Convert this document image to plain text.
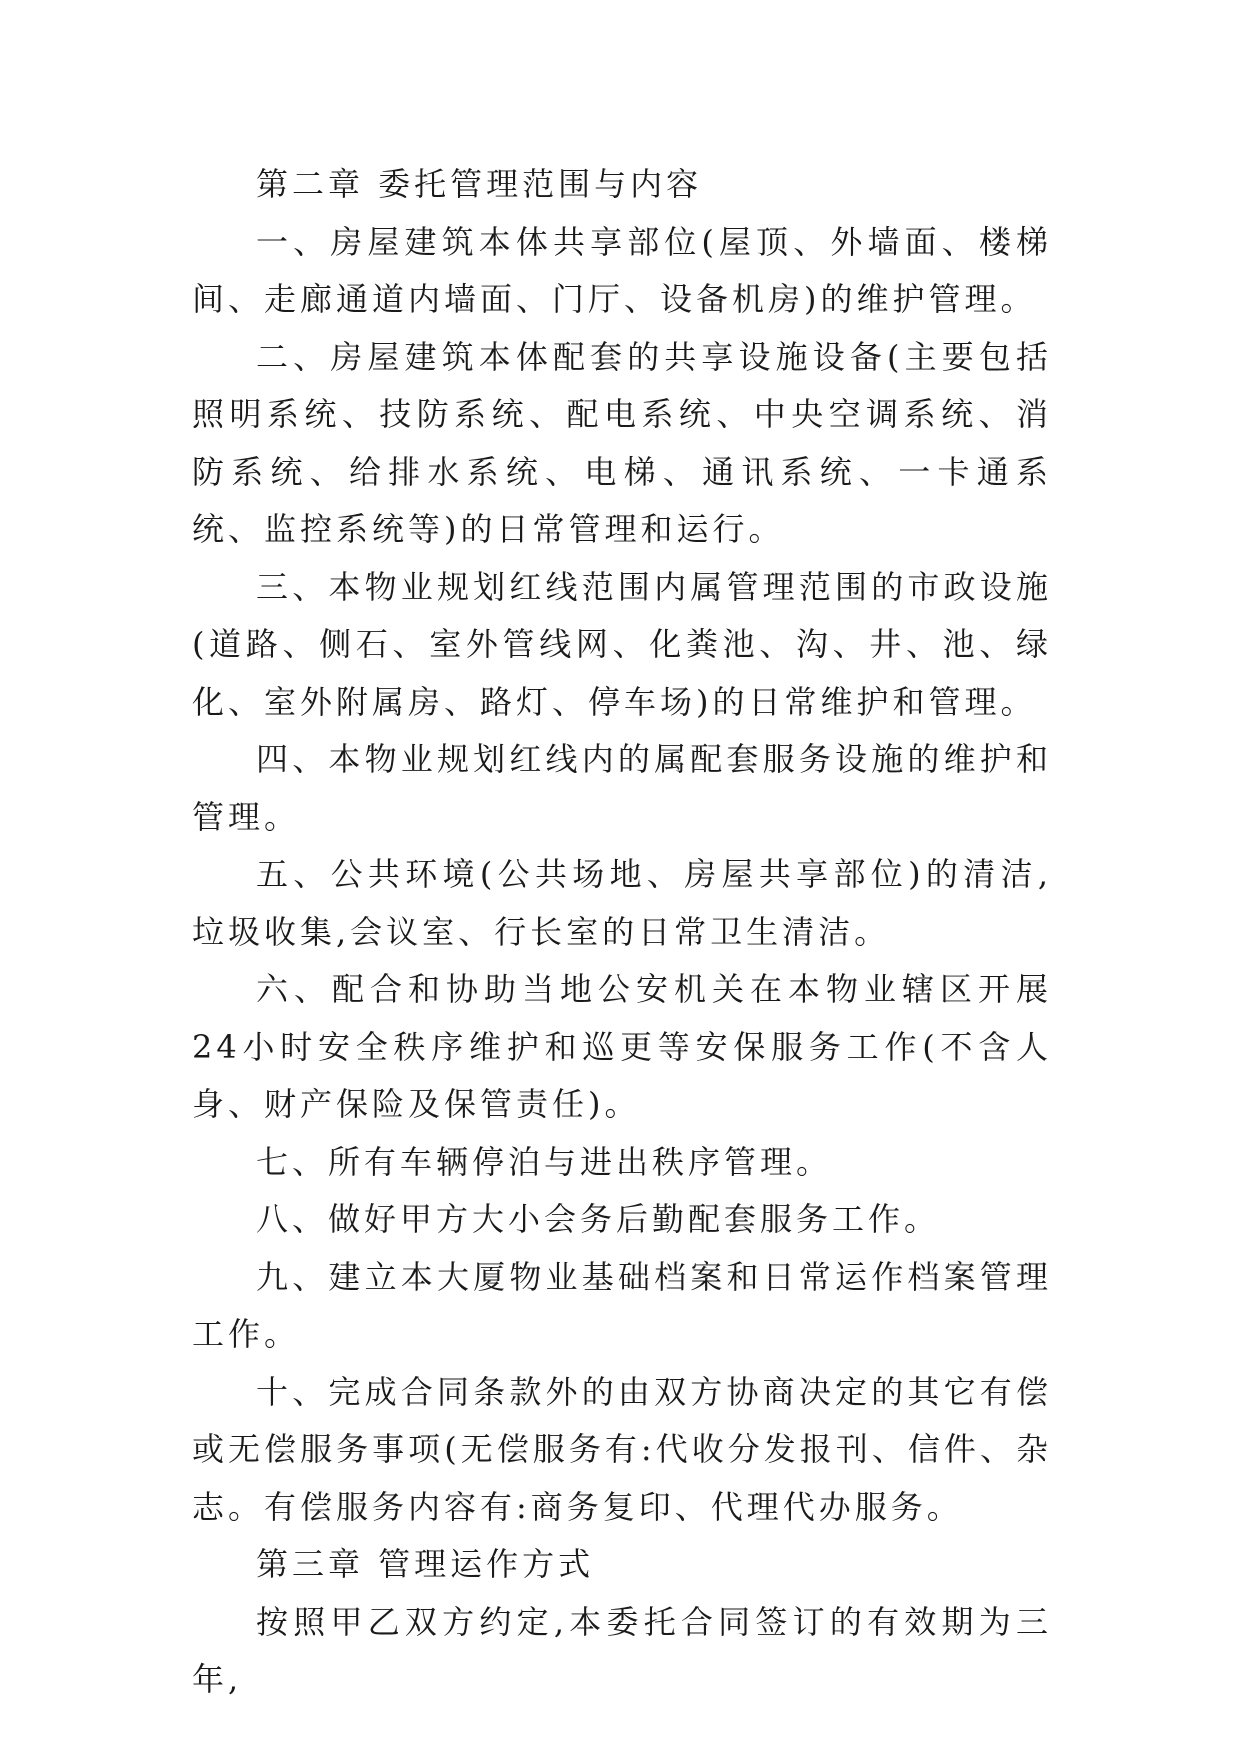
第二章 委托管理范围与内容

一、房屋建筑本体共享部位(屋顶、外墙面、楼梯间、走廊通道内墙面、门厅、设备机房)的维护管理。

二、房屋建筑本体配套的共享设施设备(主要包括照明系统、技防系统、配电系统、中央空调系统、消防系统、给排水系统、电梯、通讯系统、一卡通系统、监控系统等)的日常管理和运行。

三、本物业规划红线范围内属管理范围的市政设施(道路、侧石、室外管线网、化粪池、沟、井、池、绿化、室外附属房、路灯、停车场)的日常维护和管理。

四、本物业规划红线内的属配套服务设施的维护和管理。

五、公共环境(公共场地、房屋共享部位)的清洁,垃圾收集,会议室、行长室的日常卫生清洁。

六、配合和协助当地公安机关在本物业辖区开展24小时安全秩序维护和巡更等安保服务工作(不含人身、财产保险及保管责任)。

七、所有车辆停泊与进出秩序管理。

八、做好甲方大小会务后勤配套服务工作。

九、建立本大厦物业基础档案和日常运作档案管理工作。

十、完成合同条款外的由双方协商决定的其它有偿或无偿服务事项(无偿服务有:代收分发报刊、信件、杂志。有偿服务内容有:商务复印、代理代办服务。

第三章 管理运作方式

按照甲乙双方约定,本委托合同签订的有效期为三年,
